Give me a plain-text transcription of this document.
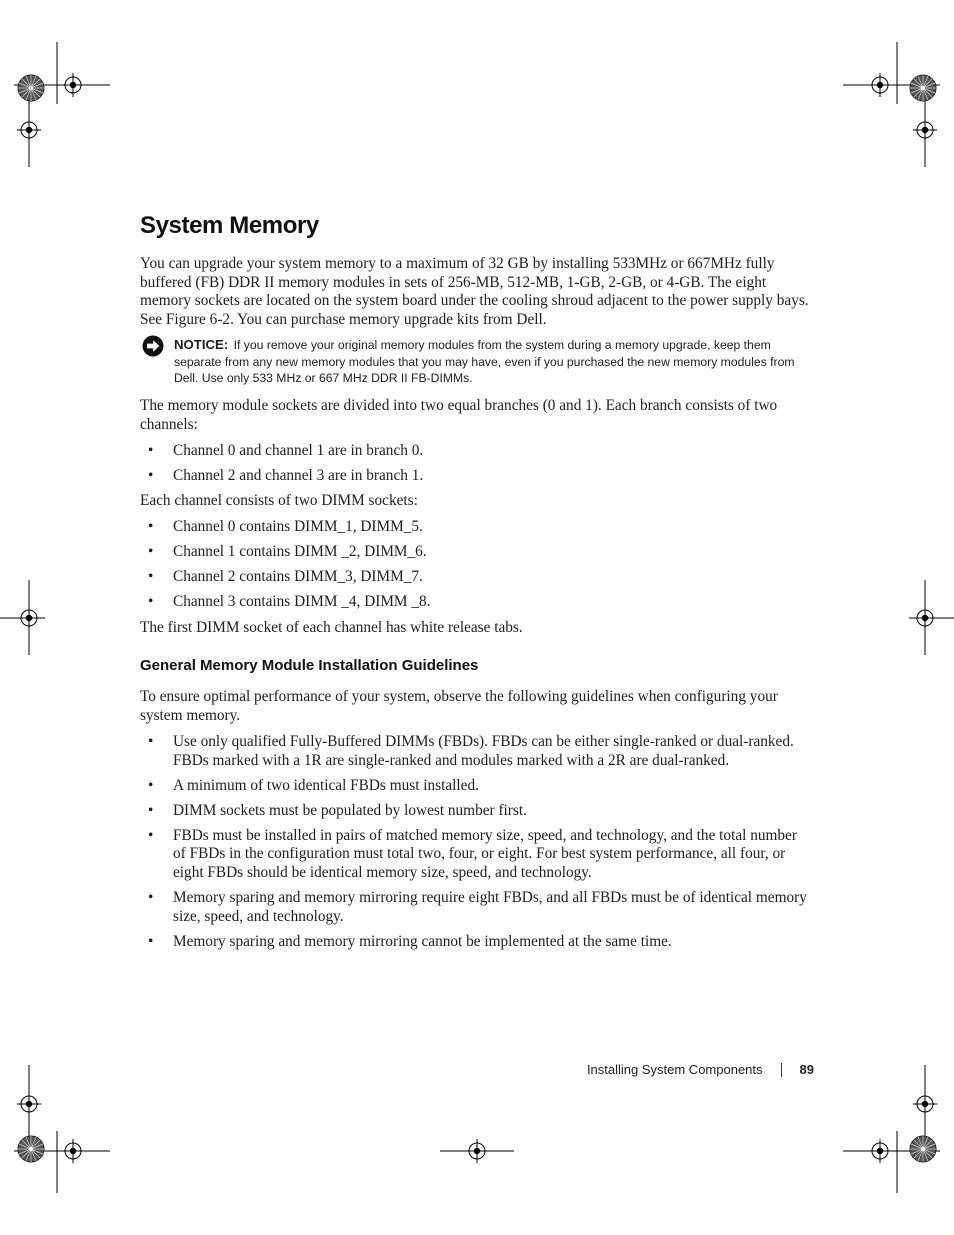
System Memory

You can upgrade your system memory to a maximum of 32 GB by installing 533MHz or 667MHz fully buffered (FB) DDR II memory modules in sets of 256-MB, 512-MB, 1-GB, 2-GB, or 4-GB. The eight memory sockets are located on the system board under the cooling shroud adjacent to the power supply bays. See Figure 6-2. You can purchase memory upgrade kits from Dell.

NOTICE: If you remove your original memory modules from the system during a memory upgrade, keep them separate from any new memory modules that you may have, even if you purchased the new memory modules from Dell. Use only 533 MHz or 667 MHz DDR II FB-DIMMs.

The memory module sockets are divided into two equal branches (0 and 1). Each branch consists of two channels:

• Channel 0 and channel 1 are in branch 0.
• Channel 2 and channel 3 are in branch 1.

Each channel consists of two DIMM sockets:

• Channel 0 contains DIMM_1, DIMM_5.
• Channel 1 contains DIMM _2, DIMM_6.
• Channel 2 contains DIMM_3, DIMM_7.
• Channel 3 contains DIMM _4, DIMM _8.

The first DIMM socket of each channel has white release tabs.

General Memory Module Installation Guidelines

To ensure optimal performance of your system, observe the following guidelines when configuring your system memory.

• Use only qualified Fully-Buffered DIMMs (FBDs). FBDs can be either single-ranked or dual-ranked. FBDs marked with a 1R are single-ranked and modules marked with a 2R are dual-ranked.
• A minimum of two identical FBDs must installed.
• DIMM sockets must be populated by lowest number first.
• FBDs must be installed in pairs of matched memory size, speed, and technology, and the total number of FBDs in the configuration must total two, four, or eight. For best system performance, all four, or eight FBDs should be identical memory size, speed, and technology.
• Memory sparing and memory mirroring require eight FBDs, and all FBDs must be of identical memory size, speed, and technology.
• Memory sparing and memory mirroring cannot be implemented at the same time.
Installing System Components	89
